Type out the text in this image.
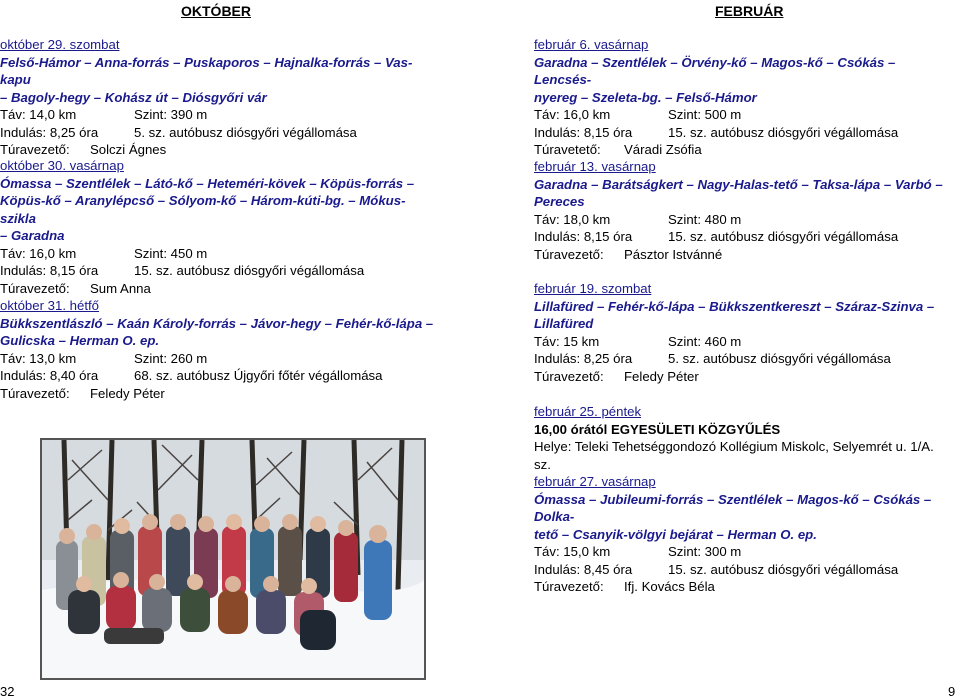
OKTÓBER
október 29. szombat
Felső-Hámor – Anna-forrás – Puskaporos – Hajnalka-forrás – Vas-kapu
– Bagoly-hegy – Kohász út – Diósgyőri vár
Táv: 14,0 km	Szint: 390 m
Indulás: 8,25 óra	5. sz. autóbusz diósgyőri végállomása
Túravezető: Solczi Ágnes
október 30. vasárnap
Ómassa – Szentlélek – Látó-kő – Heteméri-kövek – Köpüs-forrás –
Köpüs-kő – Aranylépcső – Sólyom-kő – Három-kúti-bg. – Mókus-szikla
– Garadna
Táv: 16,0 km	Szint: 450 m
Indulás: 8,15 óra	15. sz. autóbusz diósgyőri végállomása
Túravezető: Sum Anna
október 31. hétfő
Bükkszentlászló – Kaán Károly-forrás – Jávor-hegy – Fehér-kő-lápa –
Gulicska – Herman O. ep.
Táv: 13,0 km	Szint: 260 m
Indulás: 8,40 óra	68. sz. autóbusz Újgyőri főtér végállomása
Túravezető: Feledy Péter
32
FEBRUÁR
február 6. vasárnap
Garadna – Szentlélek – Örvény-kő – Magos-kő – Csókás – Lencsés-
nyereg – Szeleta-bg. – Felső-Hámor
Táv: 16,0 km	Szint: 500 m
Indulás: 8,15 óra	15. sz. autóbusz diósgyőri végállomása
Túravetető: Váradi Zsófia
február 13. vasárnap
Garadna – Barátságkert – Nagy-Halas-tető – Taksa-lápa – Varbó –
Pereces
Táv: 18,0 km	Szint: 480 m
Indulás: 8,15 óra	15. sz. autóbusz diósgyőri végállomása
Túravezető: Pásztor Istvánné
február 19. szombat
Lillafüred – Fehér-kő-lápa – Bükkszentkereszt – Száraz-Szinva –
Lillafüred
Táv: 15 km	Szint: 460 m
Indulás: 8,25 óra	5. sz. autóbusz diósgyőri végállomása
Túravezető: Feledy Péter
február 25. péntek
16,00 órától EGYESÜLETI KÖZGYŰLÉS
Helye: Teleki Tehetséggondozó Kollégium Miskolc, Selyemrét u. 1/A. sz.
február 27. vasárnap
Ómassa – Jubileumi-forrás – Szentlélek – Magos-kő – Csókás – Dolka-
tető – Csanyik-völgyi bejárat – Herman O. ep.
Táv: 15,0 km	Szint: 300 m
Indulás: 8,45 óra	15. sz. autóbusz diósgyőri végállomása
Túravezető: Ifj. Kovács Béla
9
